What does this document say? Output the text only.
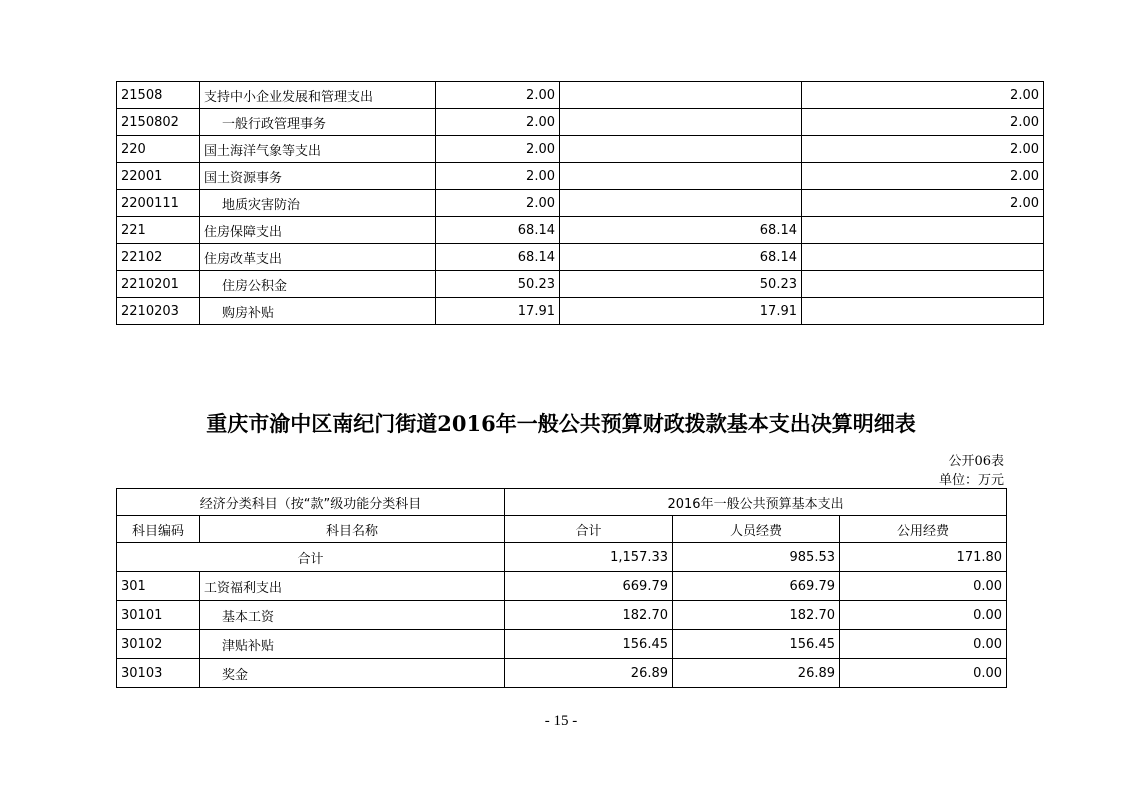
21508	支持中小企业发展和管理支出	2.00		2.00
2150802	一般行政管理事务	2.00		2.00
220	国土海洋气象等支出	2.00		2.00
22001	国土资源事务	2.00		2.00
2200111	地质灾害防治	2.00		2.00
221	住房保障支出	68.14	68.14	
22102	住房改革支出	68.14	68.14	
2210201	住房公积金	50.23	50.23	
2210203	购房补贴	17.91	17.91	
重庆市渝中区南纪门街道2016年一般公共预算财政拨款基本支出决算明细表
公开06表
单位：万元
经济分类科目（按“款”级功能分类科目		2016年一般公共预算基本支出		
科目编码	科目名称	合计	人员经费	公用经费
合计		1,157.33	985.53	171.80
301	工资福利支出	669.79	669.79	0.00
30101	基本工资	182.70	182.70	0.00
30102	津贴补贴	156.45	156.45	0.00
30103	奖金	26.89	26.89	0.00
- 15 -
